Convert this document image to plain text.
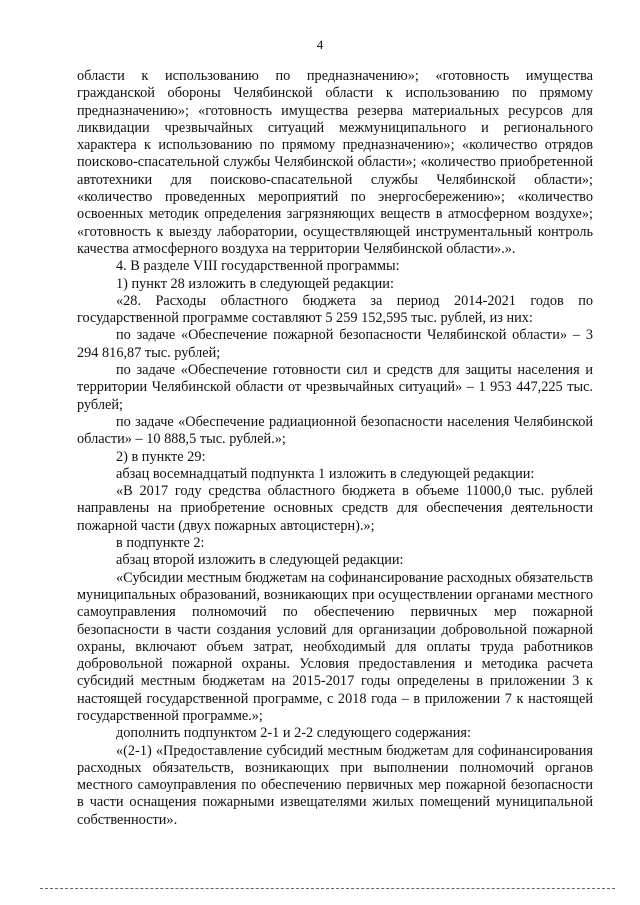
4

области к использованию по предназначению»; «готовность имущества гражданской обороны Челябинской области к использованию по прямому предназначению»; «готовность имущества резерва материальных ресурсов для ликвидации чрезвычайных ситуаций межмуниципального и регионального характера к использованию по прямому предназначению»; «количество отрядов поисково-спасательной службы Челябинской области»; «количество приобретенной автотехники для поисково-спасательной службы Челябинской области»; «количество проведенных мероприятий по энергосбережению»; «количество освоенных методик определения загрязняющих веществ в атмосферном воздухе»; «готовность к выезду лаборатории, осуществляющей инструментальный контроль качества атмосферного воздуха на территории Челябинской области».».

4. В разделе VIII государственной программы:

1) пункт 28 изложить в следующей редакции:

«28. Расходы областного бюджета за период 2014-2021 годов по государственной программе составляют 5 259 152,595 тыс. рублей, из них:

по задаче «Обеспечение пожарной безопасности Челябинской области» – 3 294 816,87 тыс. рублей;

по задаче «Обеспечение готовности сил и средств для защиты населения и территории Челябинской области от чрезвычайных ситуаций» – 1 953 447,225 тыс. рублей;

по задаче «Обеспечение радиационной безопасности населения Челябинской области» – 10 888,5 тыс. рублей.»;

2) в пункте 29:

абзац восемнадцатый подпункта 1 изложить в следующей редакции:

«В 2017 году средства областного бюджета в объеме 11000,0 тыс. рублей направлены на приобретение основных средств для обеспечения деятельности пожарной части (двух пожарных автоцистерн).»;

в подпункте 2:

абзац второй изложить в следующей редакции:

«Субсидии местным бюджетам на софинансирование расходных обязательств муниципальных образований, возникающих при осуществлении органами местного самоуправления полномочий по обеспечению первичных мер пожарной безопасности в части создания условий для организации добровольной пожарной охраны, включают объем затрат, необходимый для оплаты труда работников добровольной пожарной охраны. Условия предоставления и методика расчета субсидий местным бюджетам на 2015-2017 годы определены в приложении 3 к настоящей государственной программе, с 2018 года – в приложении 7 к настоящей государственной программе.»;

дополнить подпунктом 2-1 и 2-2 следующего содержания:

«(2-1) «Предоставление субсидий местным бюджетам для софинансирования расходных обязательств, возникающих при выполнении полномочий органов местного самоуправления по обеспечению первичных мер пожарной безопасности в части оснащения пожарными извещателями жилых помещений муниципальной собственности».
